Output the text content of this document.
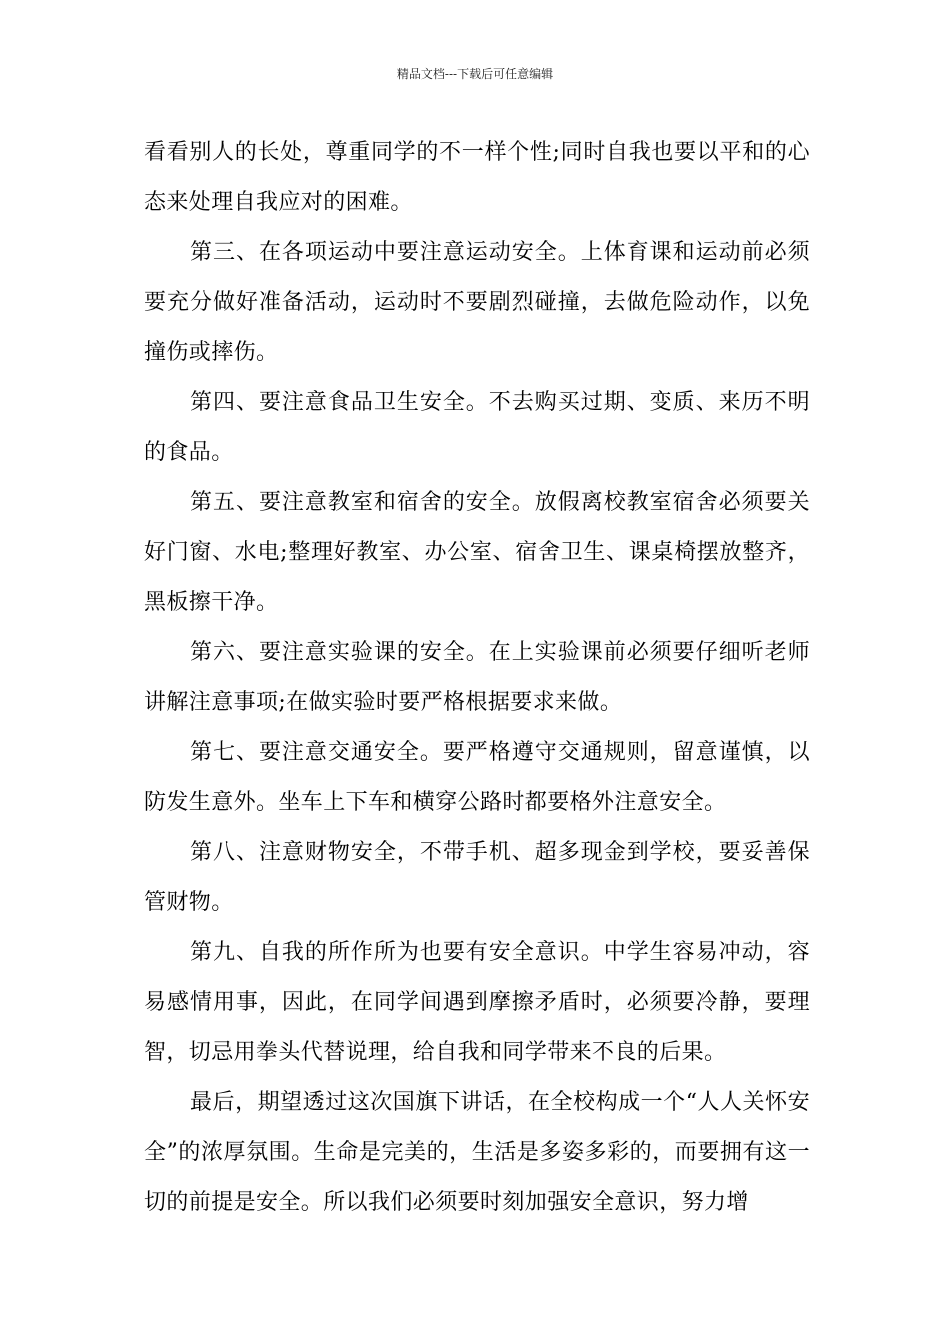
精品文档---下载后可任意编辑

看看别人的长处，尊重同学的不一样个性;同时自我也要以平和的心态来处理自我应对的困难。

第三、在各项运动中要注意运动安全。上体育课和运动前必须要充分做好准备活动，运动时不要剧烈碰撞，去做危险动作，以免撞伤或摔伤。

第四、要注意食品卫生安全。不去购买过期、变质、来历不明的食品。

第五、要注意教室和宿舍的安全。放假离校教室宿舍必须要关好门窗、水电;整理好教室、办公室、宿舍卫生、课桌椅摆放整齐，黑板擦干净。

第六、要注意实验课的安全。在上实验课前必须要仔细听老师讲解注意事项;在做实验时要严格根据要求来做。

第七、要注意交通安全。要严格遵守交通规则，留意谨慎，以防发生意外。坐车上下车和横穿公路时都要格外注意安全。

第八、注意财物安全，不带手机、超多现金到学校，要妥善保管财物。

第九、自我的所作所为也要有安全意识。中学生容易冲动，容易感情用事，因此，在同学间遇到摩擦矛盾时，必须要冷静，要理智，切忌用拳头代替说理，给自我和同学带来不良的后果。

最后，期望透过这次国旗下讲话，在全校构成一个“人人关怀安全”的浓厚氛围。生命是完美的，生活是多姿多彩的，而要拥有这一切的前提是安全。所以我们必须要时刻加强安全意识，努力增
